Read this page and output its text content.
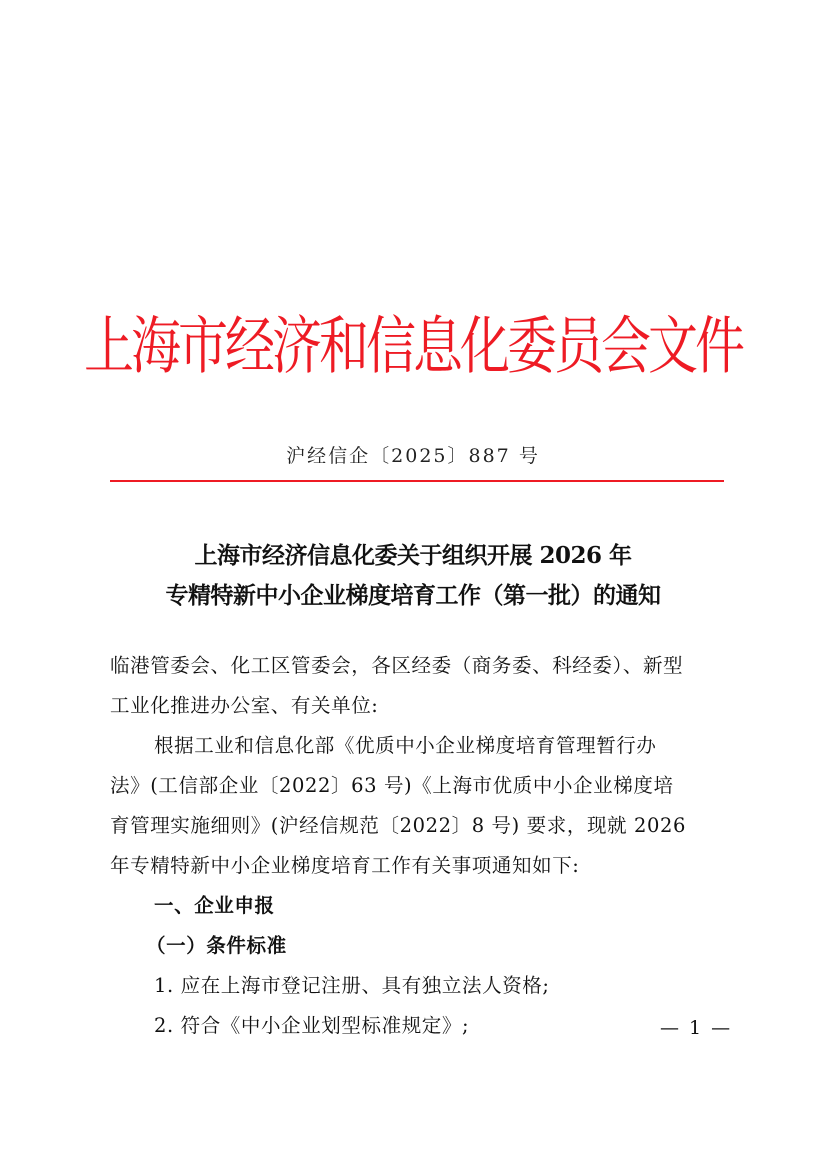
上海市经济和信息化委员会文件
沪经信企〔2025〕887 号
上海市经济信息化委关于组织开展 2026 年
专精特新中小企业梯度培育工作（第一批）的通知
临港管委会、化工区管委会，各区经委（商务委、科经委）、新型
工业化推进办公室、有关单位:
根据工业和信息化部《优质中小企业梯度培育管理暂行办
法》(工信部企业〔2022〕63 号)《上海市优质中小企业梯度培
育管理实施细则》(沪经信规范〔2022〕8 号) 要求，现就 2026
年专精特新中小企业梯度培育工作有关事项通知如下:
一、企业申报
（一）条件标准
1. 应在上海市登记注册、具有独立法人资格;
2. 符合《中小企业划型标准规定》;	— 1 —
